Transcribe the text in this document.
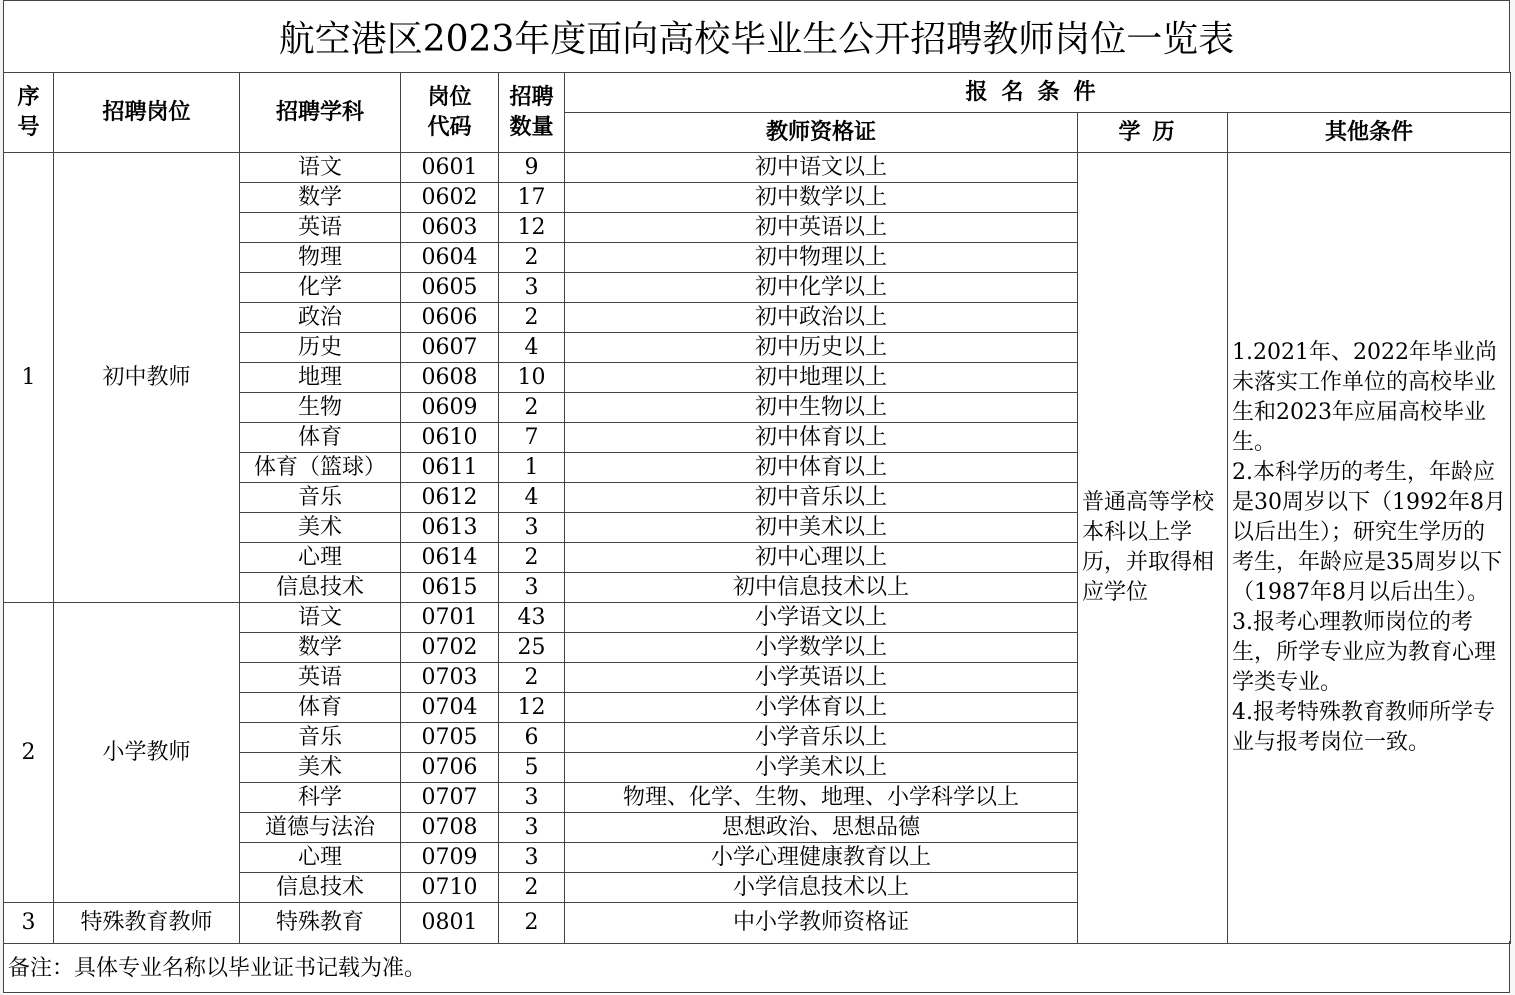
航空港区2023年度面向高校毕业生公开招聘教师岗位一览表
序号	招聘岗位	招聘学科	岗位代码	招聘数量	报名条件		
					教师资格证	学历	其他条件
1	初中教师	语文	0601	9	初中语文以上	普通高等学校本科以上学历，并取得相应学位	1.2021年、2022年毕业尚未落实工作单位的高校毕业生和2023年应届高校毕业生。
2.本科学历的考生，年龄应是30周岁以下（1992年8月以后出生）；研究生学历的考生，年龄应是35周岁以下（1987年8月以后出生）。
3.报考心理教师岗位的考生，所学专业应为教育心理学类专业。
4.报考特殊教育教师所学专业与报考岗位一致。

		数学	0602	17	初中数学以上		
		英语	0603	12	初中英语以上		
		物理	0604	2	初中物理以上		
		化学	0605	3	初中化学以上		
		政治	0606	2	初中政治以上		
		历史	0607	4	初中历史以上		
		地理	0608	10	初中地理以上		
		生物	0609	2	初中生物以上		
		体育	0610	7	初中体育以上		
		体育（篮球）	0611	1	初中体育以上		
		音乐	0612	4	初中音乐以上		
		美术	0613	3	初中美术以上		
		心理	0614	2	初中心理以上		
		信息技术	0615	3	初中信息技术以上		
2	小学教师	语文	0701	43	小学语文以上		
		数学	0702	25	小学数学以上		
		英语	0703	2	小学英语以上		
		体育	0704	12	小学体育以上		
		音乐	0705	6	小学音乐以上		
		美术	0706	5	小学美术以上		
		科学	0707	3	物理、化学、生物、地理、小学科学以上		
		道德与法治	0708	3	思想政治、思想品德		
		心理	0709	3	小学心理健康教育以上		
		信息技术	0710	2	小学信息技术以上		
3	特殊教育教师	特殊教育	0801	2	中小学教师资格证		
备注：具体专业名称以毕业证书记载为准。
